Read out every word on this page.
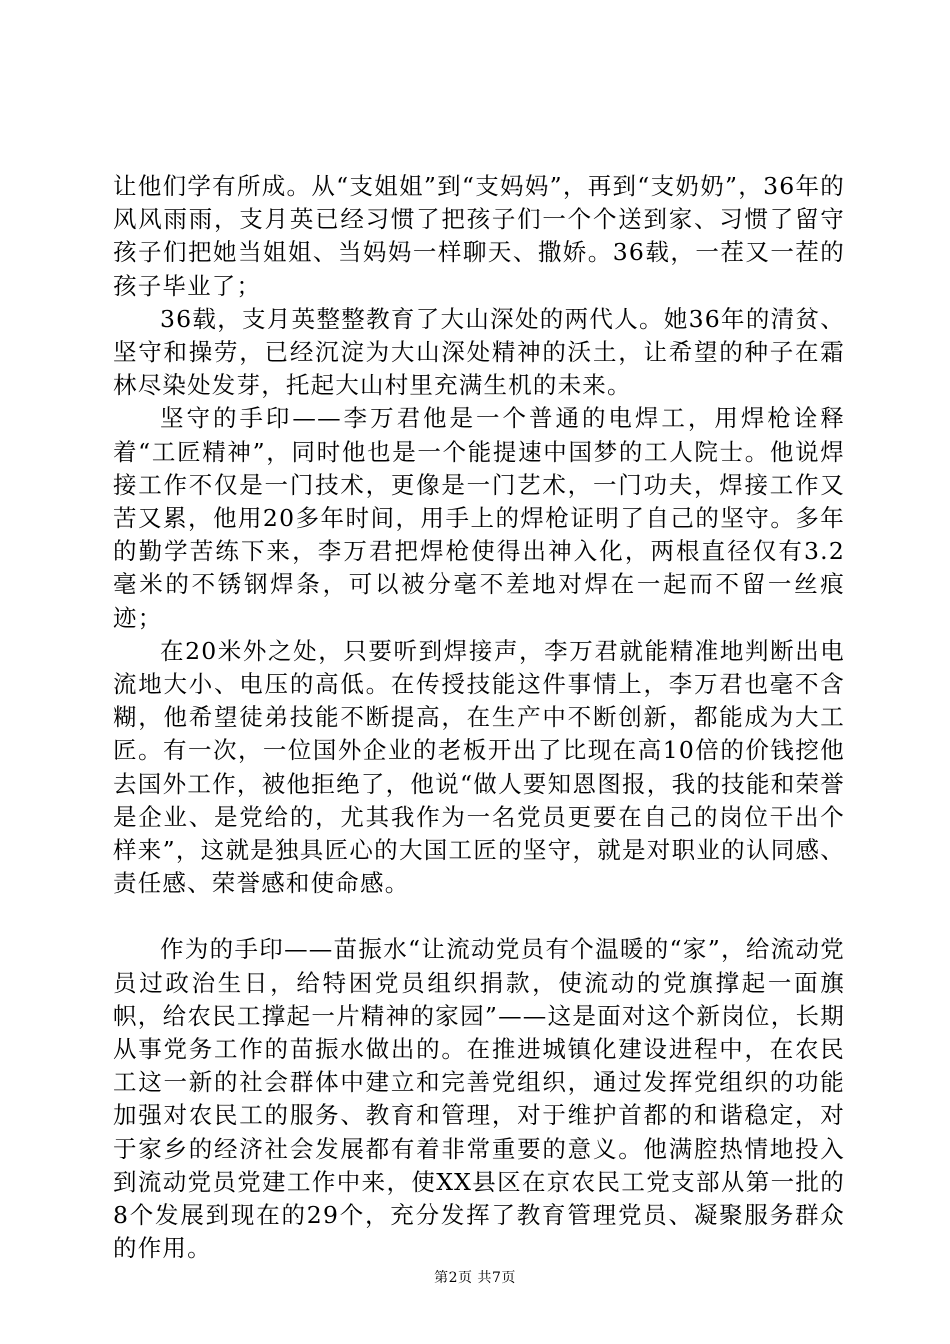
让他们学有所成。从“支姐姐”到“支妈妈”，再到“支奶奶”，36年的风风雨雨，支月英已经习惯了把孩子们一个个送到家、习惯了留守孩子们把她当姐姐、当妈妈一样聊天、撒娇。36载，一茬又一茬的孩子毕业了；

36载，支月英整整教育了大山深处的两代人。她36年的清贫、坚守和操劳，已经沉淀为大山深处精神的沃土，让希望的种子在霜林尽染处发芽，托起大山村里充满生机的未来。

坚守的手印——李万君他是一个普通的电焊工，用焊枪诠释着“工匠精神”，同时他也是一个能提速中国梦的工人院士。他说焊接工作不仅是一门技术，更像是一门艺术，一门功夫，焊接工作又苦又累，他用20多年时间，用手上的焊枪证明了自己的坚守。多年的勤学苦练下来，李万君把焊枪使得出神入化，两根直径仅有3.2毫米的不锈钢焊条，可以被分毫不差地对焊在一起而不留一丝痕迹；

在20米外之处，只要听到焊接声，李万君就能精准地判断出电流地大小、电压的高低。在传授技能这件事情上，李万君也毫不含糊，他希望徒弟技能不断提高，在生产中不断创新，都能成为大工匠。有一次，一位国外企业的老板开出了比现在高10倍的价钱挖他去国外工作，被他拒绝了，他说“做人要知恩图报，我的技能和荣誉是企业、是党给的，尤其我作为一名党员更要在自己的岗位干出个样来”，这就是独具匠心的大国工匠的坚守，就是对职业的认同感、责任感、荣誉感和使命感。

作为的手印——苗振水“让流动党员有个温暖的“家”，给流动党员过政治生日，给特困党员组织捐款，使流动的党旗撑起一面旗帜，给农民工撑起一片精神的家园”——这是面对这个新岗位，长期从事党务工作的苗振水做出的。在推进城镇化建设进程中，在农民工这一新的社会群体中建立和完善党组织，通过发挥党组织的功能加强对农民工的服务、教育和管理，对于维护首都的和谐稳定，对于家乡的经济社会发展都有着非常重要的意义。他满腔热情地投入到流动党员党建工作中来，使XX县区在京农民工党支部从第一批的8个发展到现在的29个，充分发挥了教育管理党员、凝聚服务群众的作用。

第2页 共7页
